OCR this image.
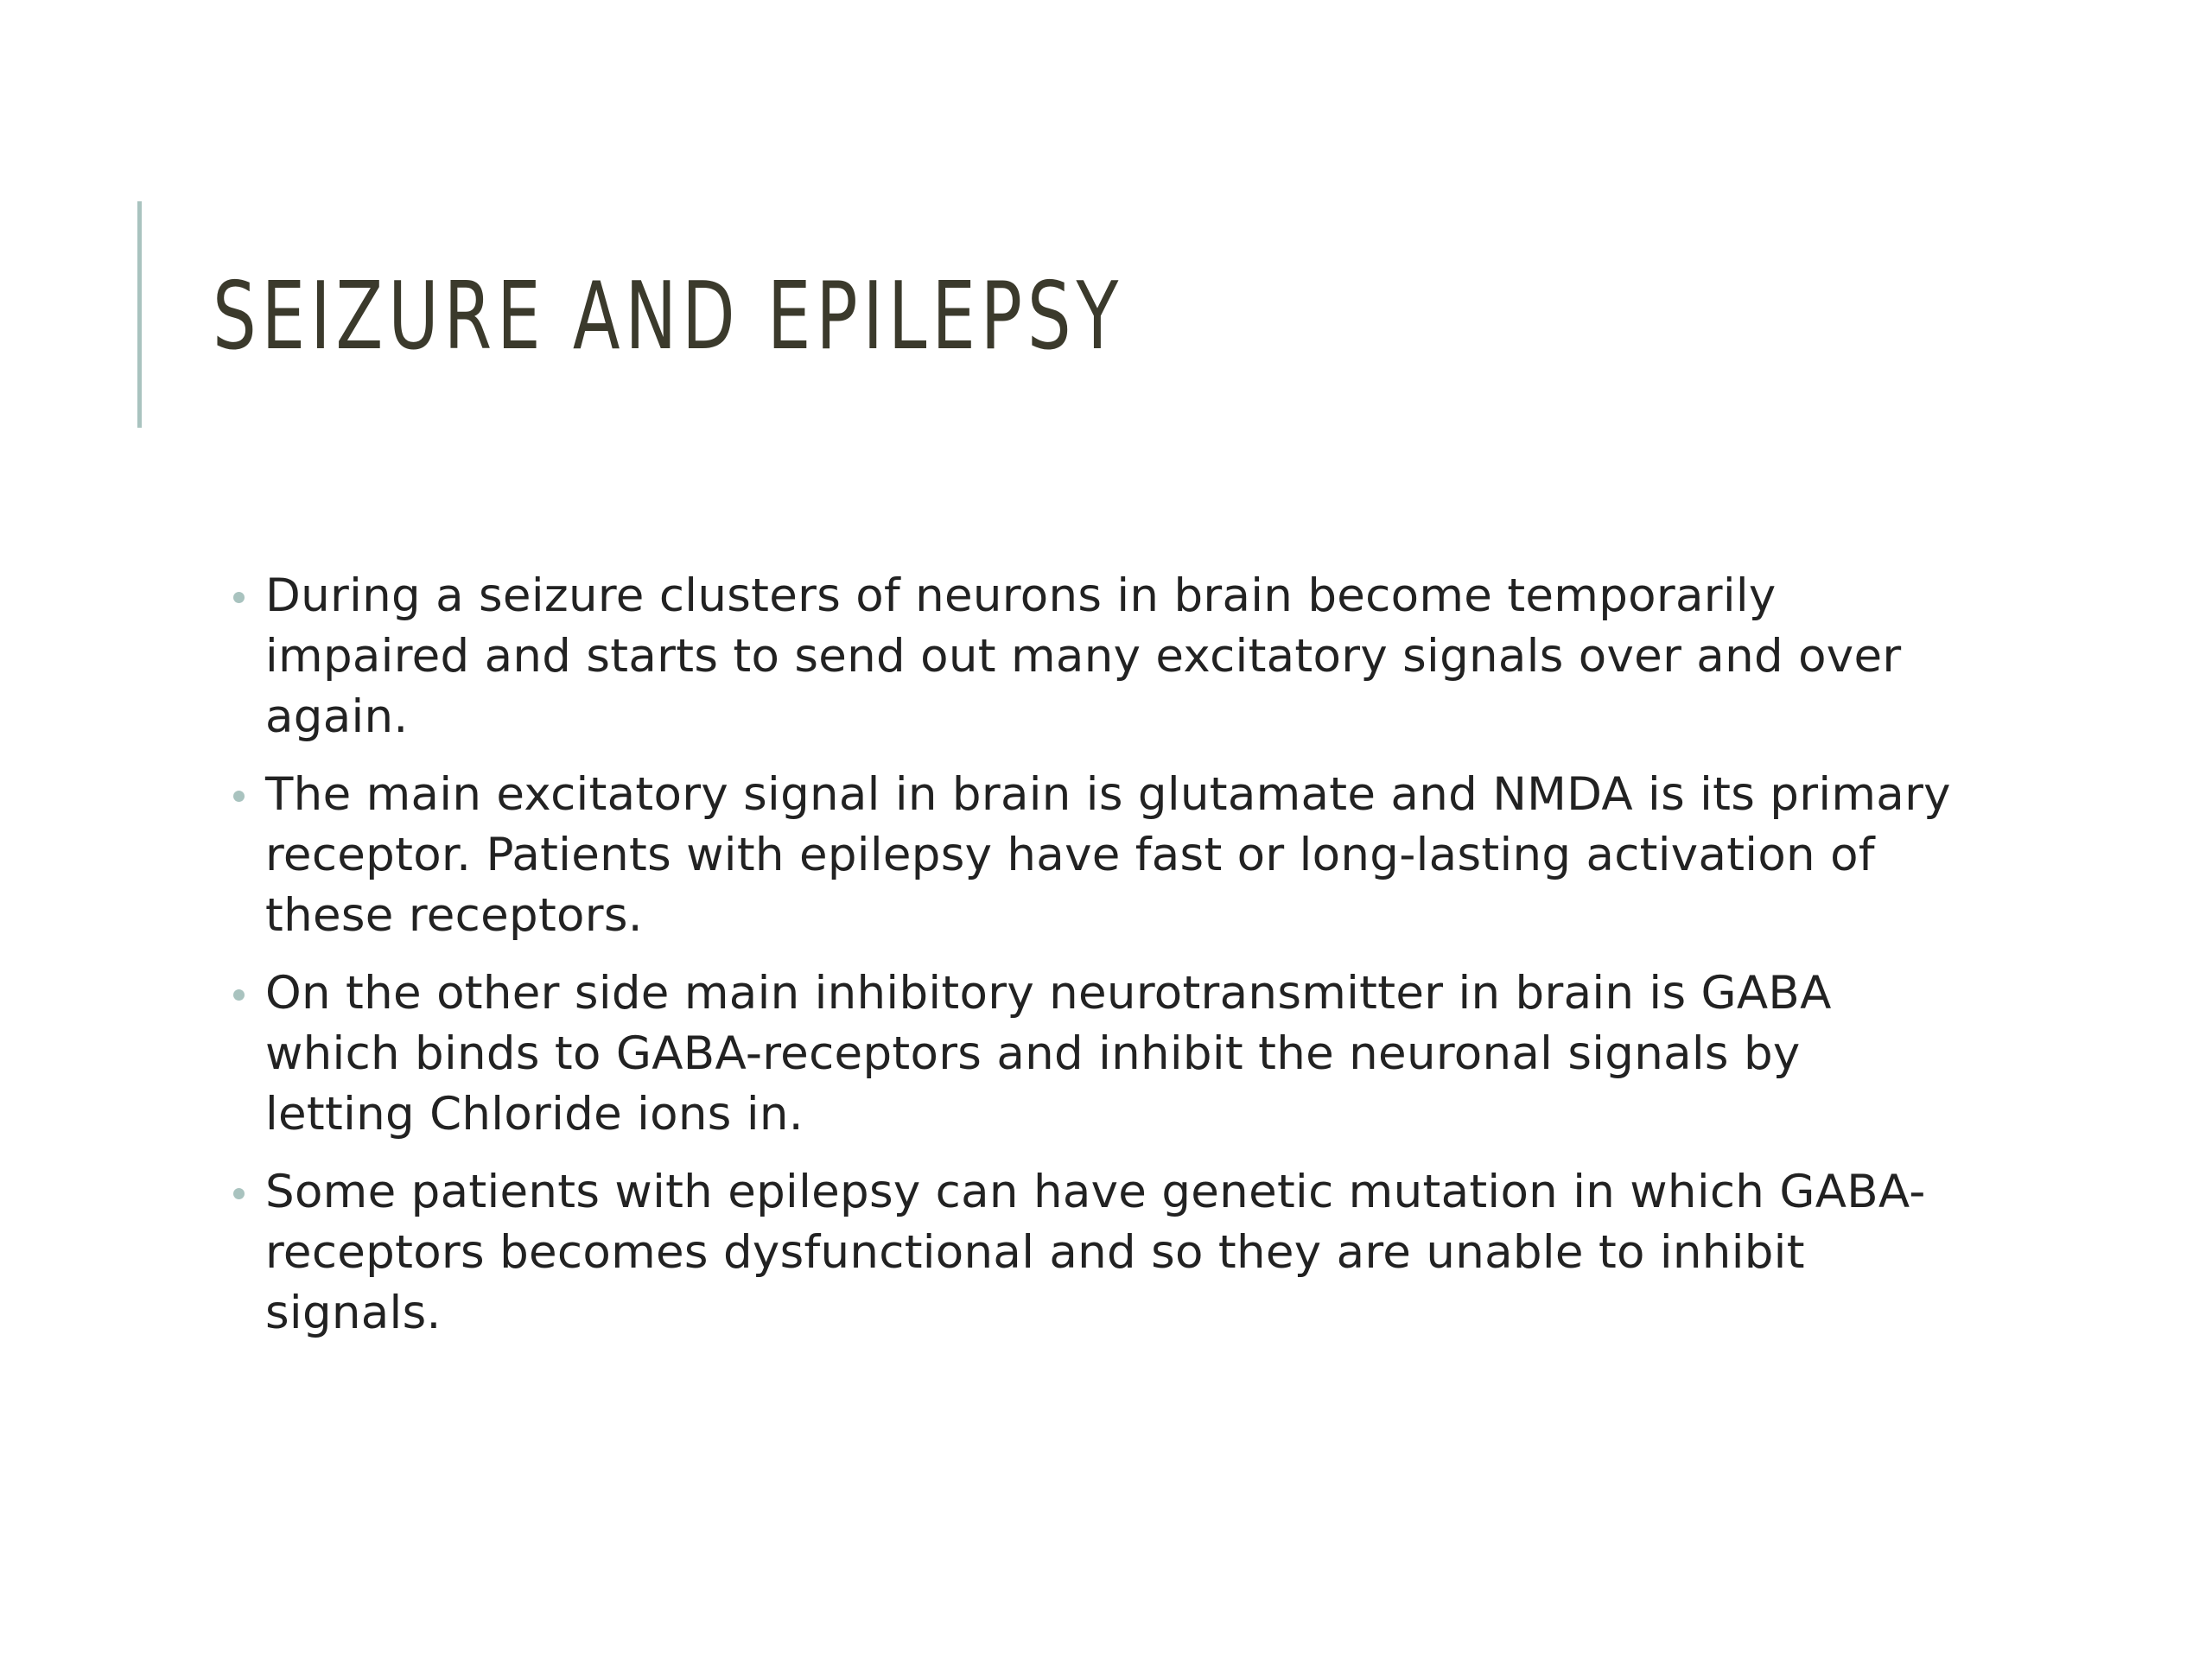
SEIZURE AND EPILEPSY
During a seizure clusters of neurons in brain become temporarily impaired and starts to send out many excitatory signals over and over again.
The main excitatory signal in brain is glutamate and NMDA is its primary receptor. Patients with epilepsy have fast or long-lasting activation of these receptors.
On the other side main inhibitory neurotransmitter in brain is GABA which binds to GABA-receptors and inhibit the neuronal signals by letting Chloride ions in.
Some patients with epilepsy can have genetic mutation in which GABA-receptors becomes dysfunctional and so they are unable to inhibit signals.
